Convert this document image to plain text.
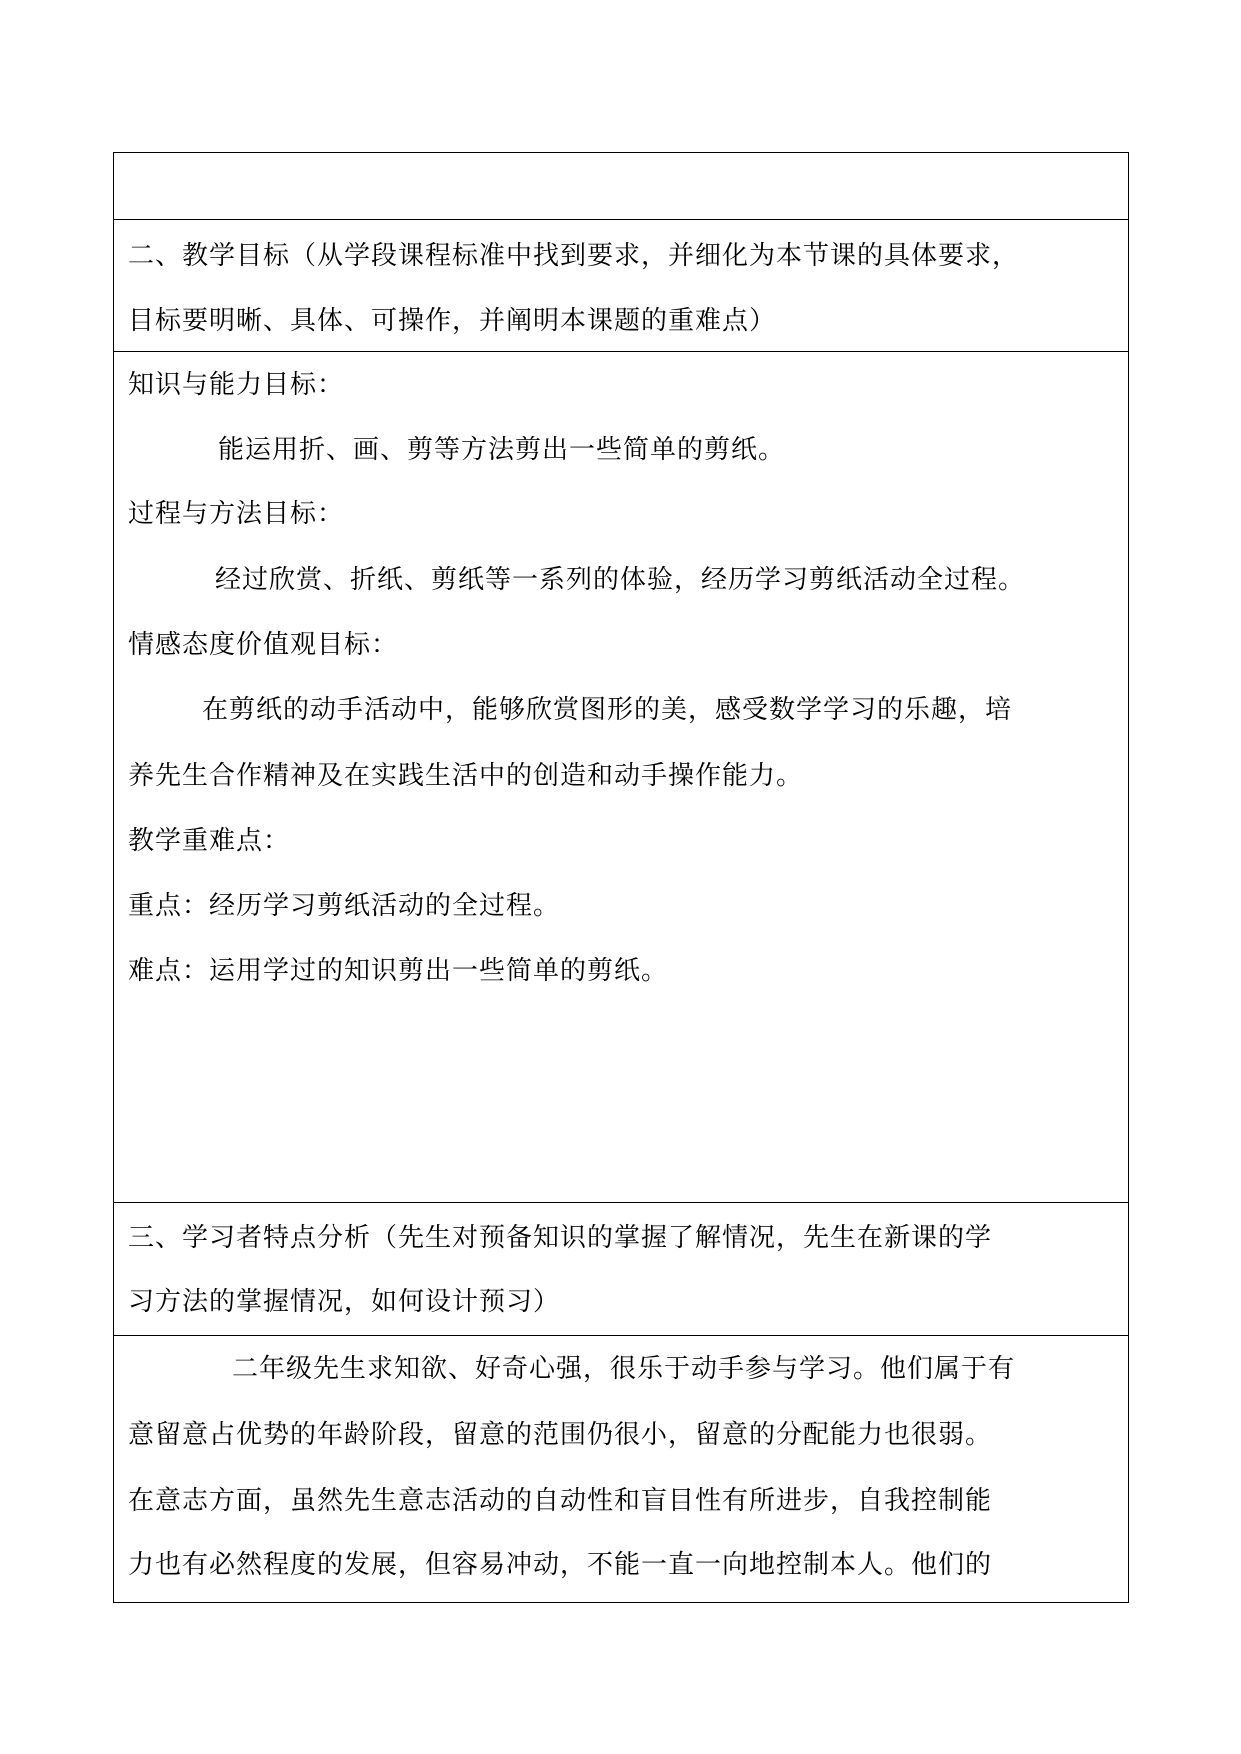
二、教学目标（从学段课程标准中找到要求，并细化为本节课的具体要求，
目标要明晰、具体、可操作，并阐明本课题的重难点）
知识与能力目标：
能运用折、画、剪等方法剪出一些简单的剪纸。
过程与方法目标：
经过欣赏、折纸、剪纸等一系列的体验，经历学习剪纸活动全过程。
情感态度价值观目标：
在剪纸的动手活动中，能够欣赏图形的美，感受数学学习的乐趣，培
养先生合作精神及在实践生活中的创造和动手操作能力。
教学重难点：
重点：经历学习剪纸活动的全过程。
难点：运用学过的知识剪出一些简单的剪纸。
三、学习者特点分析（先生对预备知识的掌握了解情况，先生在新课的学
习方法的掌握情况，如何设计预习）
二年级先生求知欲、好奇心强，很乐于动手参与学习。他们属于有
意留意占优势的年龄阶段，留意的范围仍很小，留意的分配能力也很弱。
在意志方面，虽然先生意志活动的自动性和盲目性有所进步，自我控制能
力也有必然程度的发展，但容易冲动，不能一直一向地控制本人。他们的
